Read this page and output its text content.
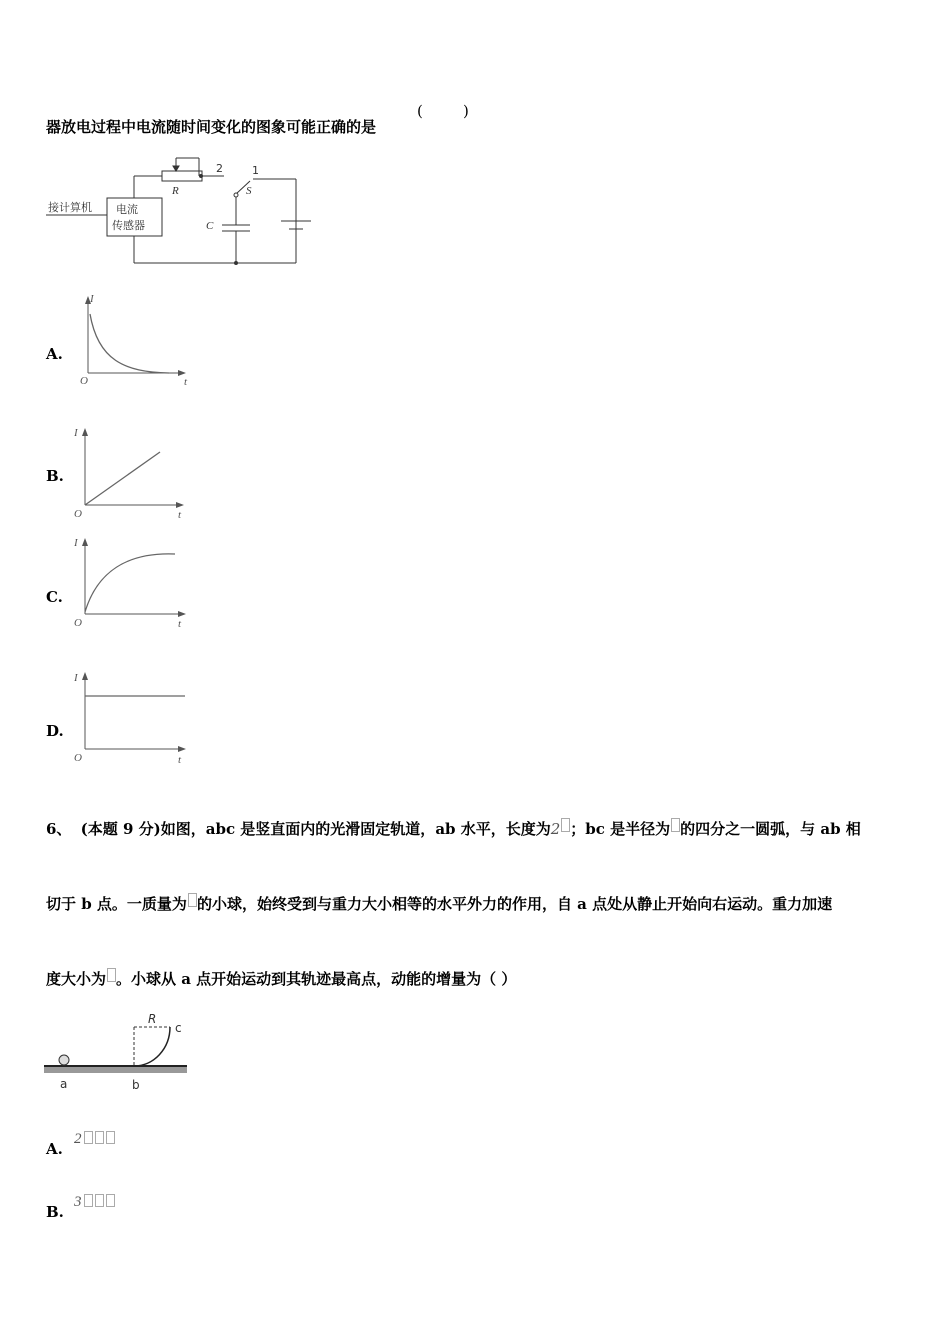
器放电过程中电流随时间变化的图象可能正确的是
(	)
接计算机 电流
传感器
R
2	1
S
C
A.
I
O	t
B.
I
O	t
C.
I
O	t
D.
I
O	t
6、 (本题 9 分)如图，abc 是竖直面内的光滑固定轨道，ab 水平，长度为2 ；bc 是半径为 的四分之一圆弧，与 ab 相
切于 b 点。一质量为 的小球，始终受到与重力大小相等的水平外力的作用，自 a 点处从静止开始向右运动。重力加速
度大小为 。小球从 a 点开始运动到其轨迹最高点，动能的增量为（ ）
R
c
a	b
A.
2
B.
3
